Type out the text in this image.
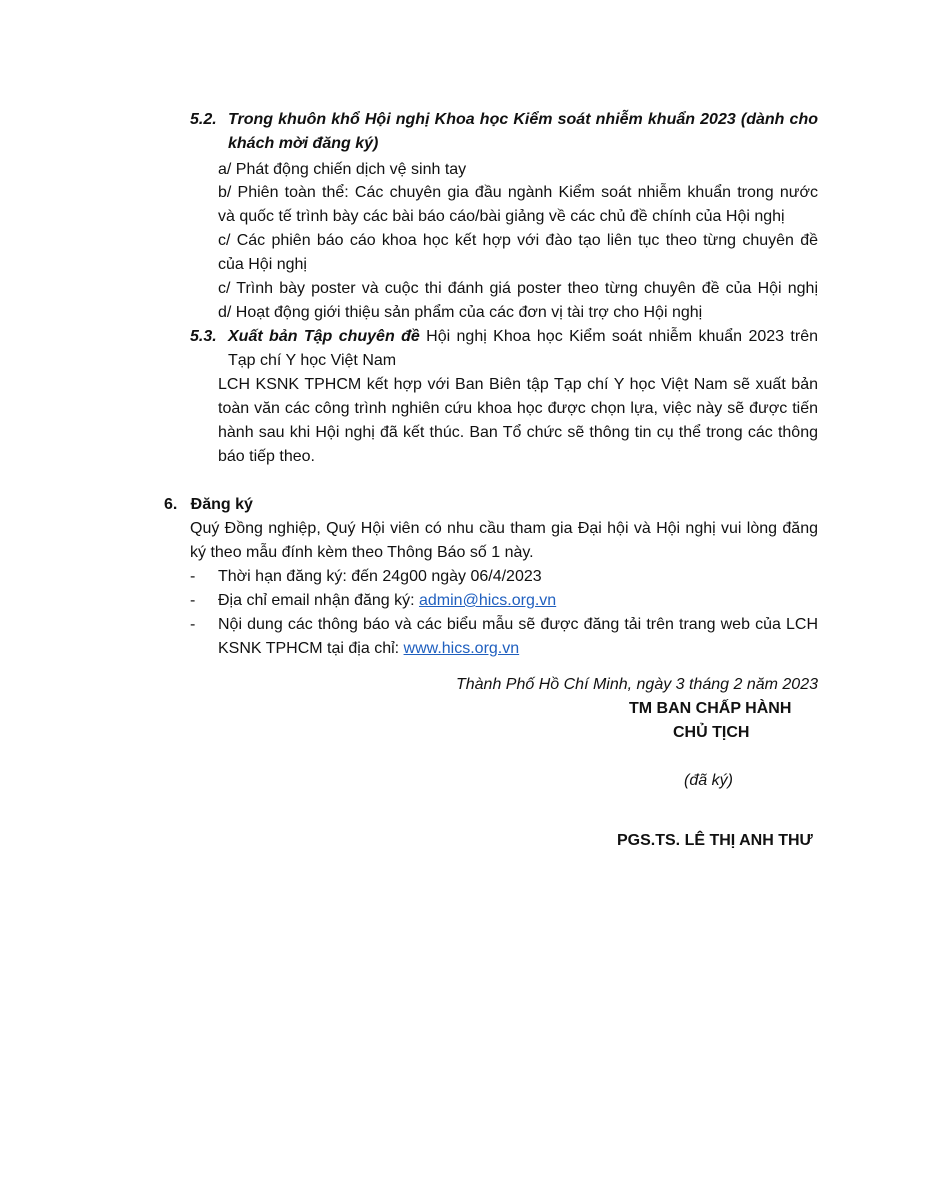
5.2. Trong khuôn khổ Hội nghị Khoa học Kiểm soát nhiễm khuẩn 2023 (dành cho
khách mời đăng ký)
a/ Phát động chiến dịch vệ sinh tay
b/ Phiên toàn thể: Các chuyên gia đầu ngành Kiểm soát nhiễm khuẩn trong nước
và quốc tế trình bày các bài báo cáo/bài giảng về các chủ đề chính của Hội nghị
c/ Các phiên báo cáo khoa học kết hợp với đào tạo liên tục theo từng chuyên đề
của Hội nghị
c/ Trình bày poster và cuộc thi đánh giá poster theo từng chuyên đề của Hội nghị
d/ Hoạt động giới thiệu sản phẩm của các đơn vị tài trợ cho Hội nghị
5.3. Xuất bản Tập chuyên đề Hội nghị Khoa học Kiểm soát nhiễm khuẩn 2023 trên
Tạp chí Y học Việt Nam
LCH KSNK TPHCM kết hợp với Ban Biên tập Tạp chí Y học Việt Nam sẽ xuất bản
toàn văn các công trình nghiên cứu khoa học được chọn lựa, việc này sẽ được tiến
hành sau khi Hội nghị đã kết thúc. Ban Tổ chức sẽ thông tin cụ thể trong các thông
báo tiếp theo.
6.   Đăng ký
Quý Đồng nghiệp, Quý Hội viên có nhu cầu tham gia Đại hội và Hội nghị vui lòng đăng
ký theo mẫu đính kèm theo Thông Báo số 1 này.
- Thời hạn đăng ký: đến 24g00 ngày 06/4/2023
- Địa chỉ email nhận đăng ký: admin@hics.org.vn
- Nội dung các thông báo và các biểu mẫu sẽ được đăng tải trên trang web của LCH
KSNK TPHCM tại địa chỉ: www.hics.org.vn
Thành Phố Hồ Chí Minh, ngày 3 tháng 2 năm 2023
TM BAN CHẤP HÀNH
CHỦ TỊCH
(đã ký)
PGS.TS. LÊ THỊ ANH THƯ
